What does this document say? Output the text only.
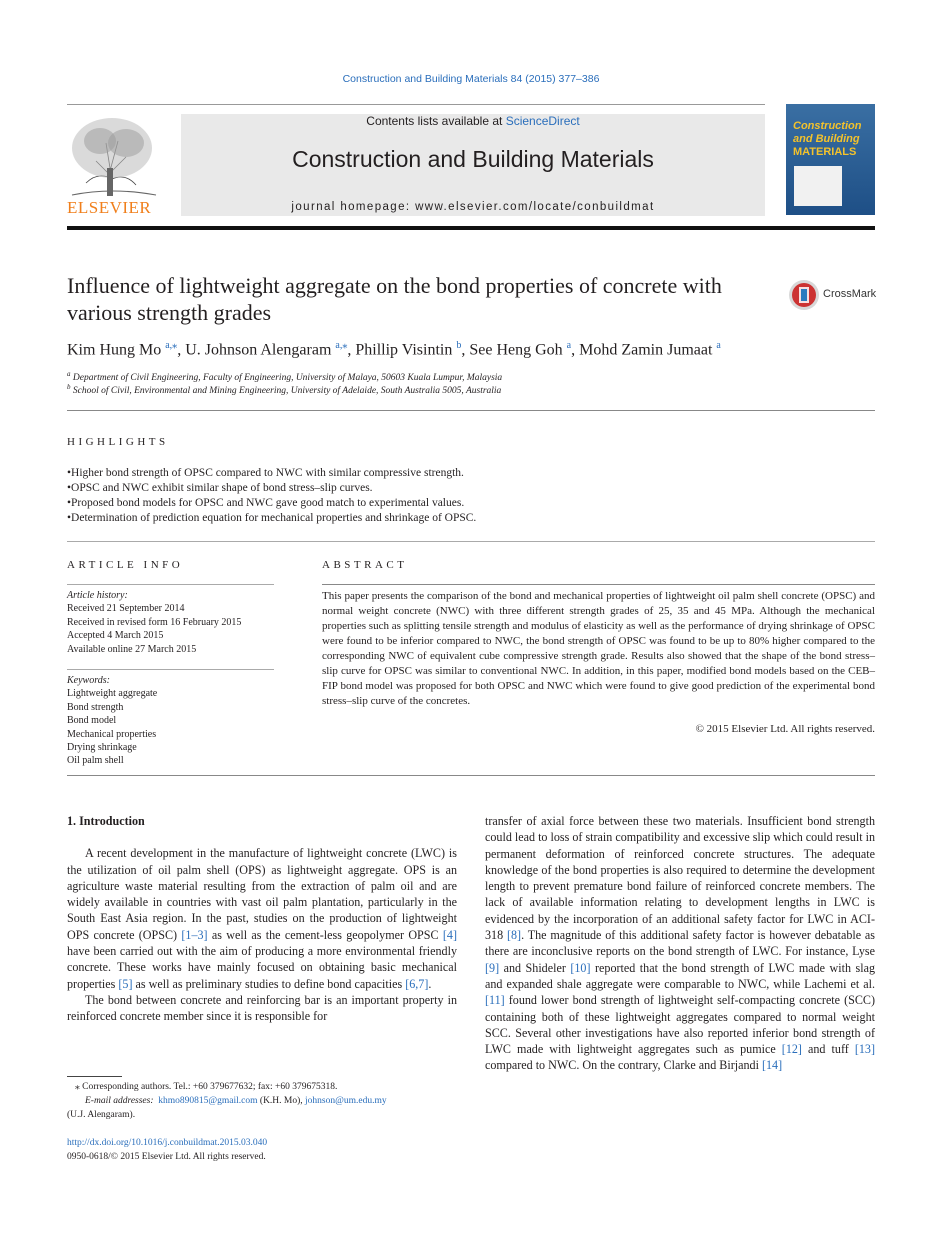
Construction and Building Materials 84 (2015) 377–386
ELSEVIER
Contents lists available at ScienceDirect
Construction and Building Materials
journal homepage: www.elsevier.com/locate/conbuildmat
Construction and Building
MATERIALS
Influence of lightweight aggregate on the bond properties of concrete with various strength grades
CrossMark
Kim Hung Mo $^{a,⁎}$, U. Johnson Alengaram $^{a,⁎}$, Phillip Visintin $^b$, See Heng Goh $^a$, Mohd Zamin Jumaat $^a$
$^a$ Department of Civil Engineering, Faculty of Engineering, University of Malaya, 50603 Kuala Lumpur, Malaysia
$^b$ School of Civil, Environmental and Mining Engineering, University of Adelaide, South Australia 5005, Australia
HIGHLIGHTS
• Higher bond strength of OPSC compared to NWC with similar compressive strength.
• OPSC and NWC exhibit similar shape of bond stress–slip curves.
• Proposed bond models for OPSC and NWC gave good match to experimental values.
• Determination of prediction equation for mechanical properties and shrinkage of OPSC.
ARTICLE INFO	ABSTRACT
Article history:
Received 21 September 2014
Received in revised form 16 February 2015
Accepted 4 March 2015
Available online 27 March 2015
Keywords:
Lightweight aggregate
Bond strength
Bond model
Mechanical properties
Drying shrinkage
Oil palm shell
This paper presents the comparison of the bond and mechanical properties of lightweight oil palm shell concrete (OPSC) and normal weight concrete (NWC) with three different strength grades of 25, 35 and 45 MPa. Although the mechanical properties such as splitting tensile strength and modulus of elasticity as well as the performance of drying shrinkage of OPSC were found to be inferior compared to NWC, the bond strength of OPSC was found to be up to 80% higher compared to the corresponding NWC of equivalent cube compressive strength grade. Results also showed that the shape of the bond stress–slip curve for OPSC was similar to conventional NWC. In addition, in this paper, modified bond models based on the CEB–FIP bond model was proposed for both OPSC and NWC which were found to give good prediction of the experimental bond stress–slip curve of the concretes.
© 2015 Elsevier Ltd. All rights reserved.
1. Introduction

A recent development in the manufacture of lightweight concrete (LWC) is the utilization of oil palm shell (OPS) as lightweight aggregate. OPS is an agriculture waste material resulting from the extraction of palm oil and are widely available in countries with vast oil palm plantation, particularly in the South East Asia region. In the past, studies on the production of lightweight OPS concrete (OPSC) [1–3] as well as the cement-less geopolymer OPSC [4] have been carried out with the aim of producing a more environmental friendly concrete. These works have mainly focused on obtaining basic mechanical properties [5] as well as preliminary studies to define bond capacities [6,7].

The bond between concrete and reinforcing bar is an important property in reinforced concrete member since it is responsible for

transfer of axial force between these two materials. Insufficient bond strength could lead to loss of strain compatibility and excessive slip which could result in permanent deformation of reinforced concrete structures. The adequate knowledge of the bond properties is also required to determine the development length to prevent premature bond failure of reinforced concrete members. The lack of available information relating to development lengths in LWC is evidenced by the incorporation of an additional safety factor for LWC in ACI-318 [8]. The magnitude of this additional safety factor is however debatable as there are inconclusive reports on the bond strength of LWC. For instance, Lyse [9] and Shideler [10] reported that the bond strength of LWC made with slag and expanded shale aggregate were comparable to NWC, while Lachemi et al. [11] found lower bond strength of lightweight self-compacting concrete (SCC) containing both of these lightweight aggregates compared to normal weight SCC. Several other investigations have also reported inferior bond strength of LWC made with lightweight aggregates such as pumice [12] and tuff [13] compared to NWC. On the contrary, Clarke and Birjandi [14]

⁎ Corresponding authors. Tel.: +60 379677632; fax: +60 379675318.
E-mail addresses: khmo890815@gmail.com (K.H. Mo), johnson@um.edu.my
(U.J. Alengaram).
http://dx.doi.org/10.1016/j.conbuildmat.2015.03.040
0950-0618/© 2015 Elsevier Ltd. All rights reserved.
